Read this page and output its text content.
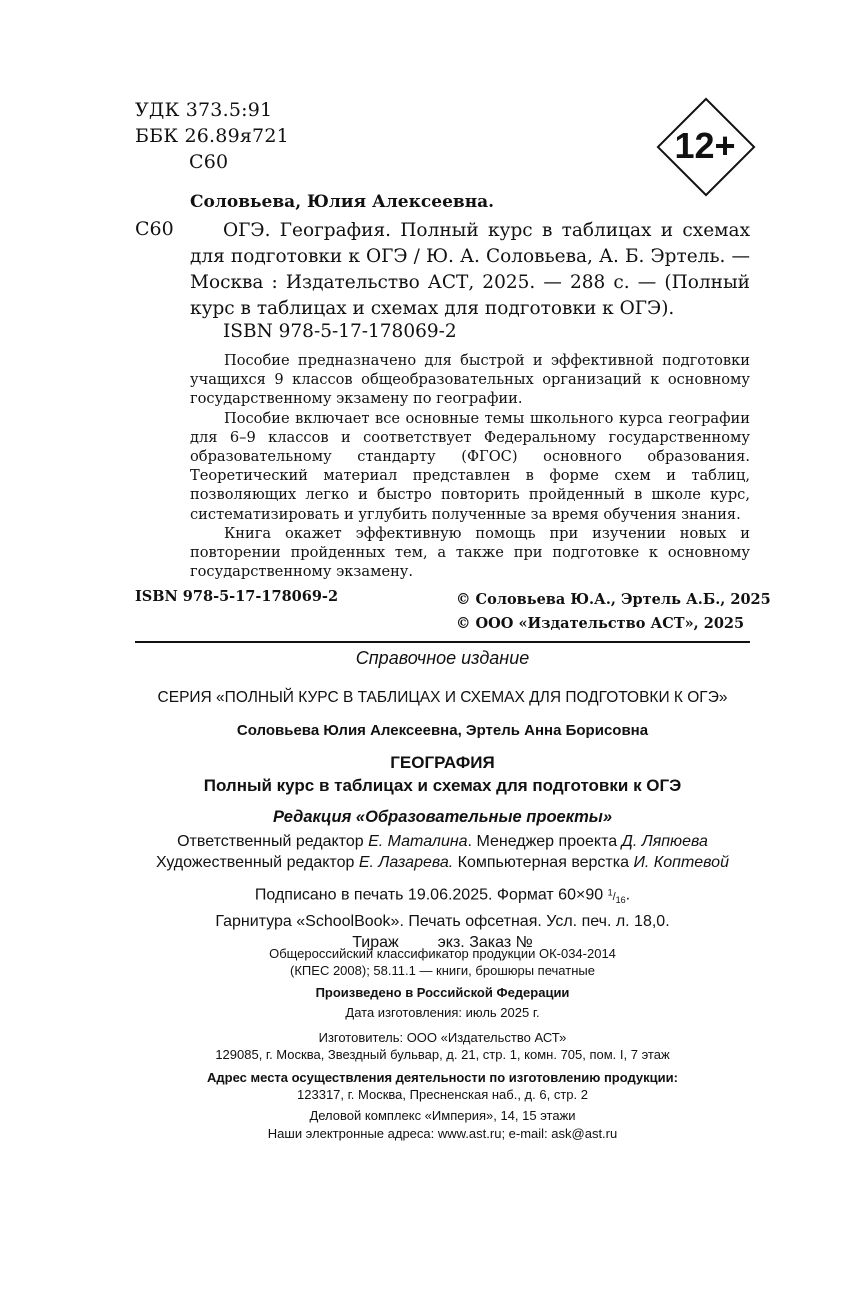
УДК 373.5:91
ББК 26.89я721
С60	12+
Соловьева, Юлия Алексеевна.
С60	ОГЭ. География. Полный курс в таблицах и схемах для подготовки к ОГЭ / Ю. А. Соловьева, А. Б. Эртель. — Москва : Издательство АСТ, 2025. — 288 с. — (Полный курс в таблицах и схемах для подготовки к ОГЭ).

ISBN 978-5-17-178069-2

Пособие предназначено для быстрой и эффективной подготовки учащихся 9 классов общеобразовательных организаций к основному государственному экзамену по географии.

Пособие включает все основные темы школьного курса географии для 6–9 классов и соответствует Федеральному государственному образовательному стандарту (ФГОС) основного образования. Теоретический материал представлен в форме схем и таблиц, позволяющих легко и быстро повторить пройденный в школе курс, систематизировать и углубить полученные за время обучения знания.

Книга окажет эффективную помощь при изучении новых и повторении пройденных тем, а также при подготовке к основному государственному экзамену.

ISBN 978-5-17-178069-2	© Соловьева Ю.А., Эртель А.Б., 2025
© ООО «Издательство АСТ», 2025
Справочное издание
СЕРИЯ «ПОЛНЫЙ КУРС В ТАБЛИЦАХ И СХЕМАХ ДЛЯ ПОДГОТОВКИ К ОГЭ»
Соловьева Юлия Алексеевна, Эртель Анна Борисовна
ГЕОГРАФИЯ
Полный курс в таблицах и схемах для подготовки к ОГЭ
Редакция «Образовательные проекты»
Ответственный редактор Е. Маталина. Менеджер проекта Д. Ляпюева
Художественный редактор Е. Лазарева. Компьютерная верстка И. Коптевой
Подписано в печать 19.06.2025. Формат 60×90 $^1/_{16}$.
Гарнитура «SchoolBook». Печать офсетная. Усл. печ. л. 18,0.
Тираж экз. Заказ №
Общероссийский классификатор продукции ОК-034-2014
(КПЕС 2008); 58.11.1 — книги, брошюры печатные
Произведено в Российской Федерации
Дата изготовления: июль 2025 г.
Изготовитель: ООО «Издательство АСТ»
129085, г. Москва, Звездный бульвар, д. 21, стр. 1, комн. 705, пом. I, 7 этаж
Адрес места осуществления деятельности по изготовлению продукции:
123317, г. Москва, Пресненская наб., д. 6, стр. 2
Деловой комплекс «Империя», 14, 15 этажи
Наши электронные адреса: www.ast.ru; e-mail: ask@ast.ru
